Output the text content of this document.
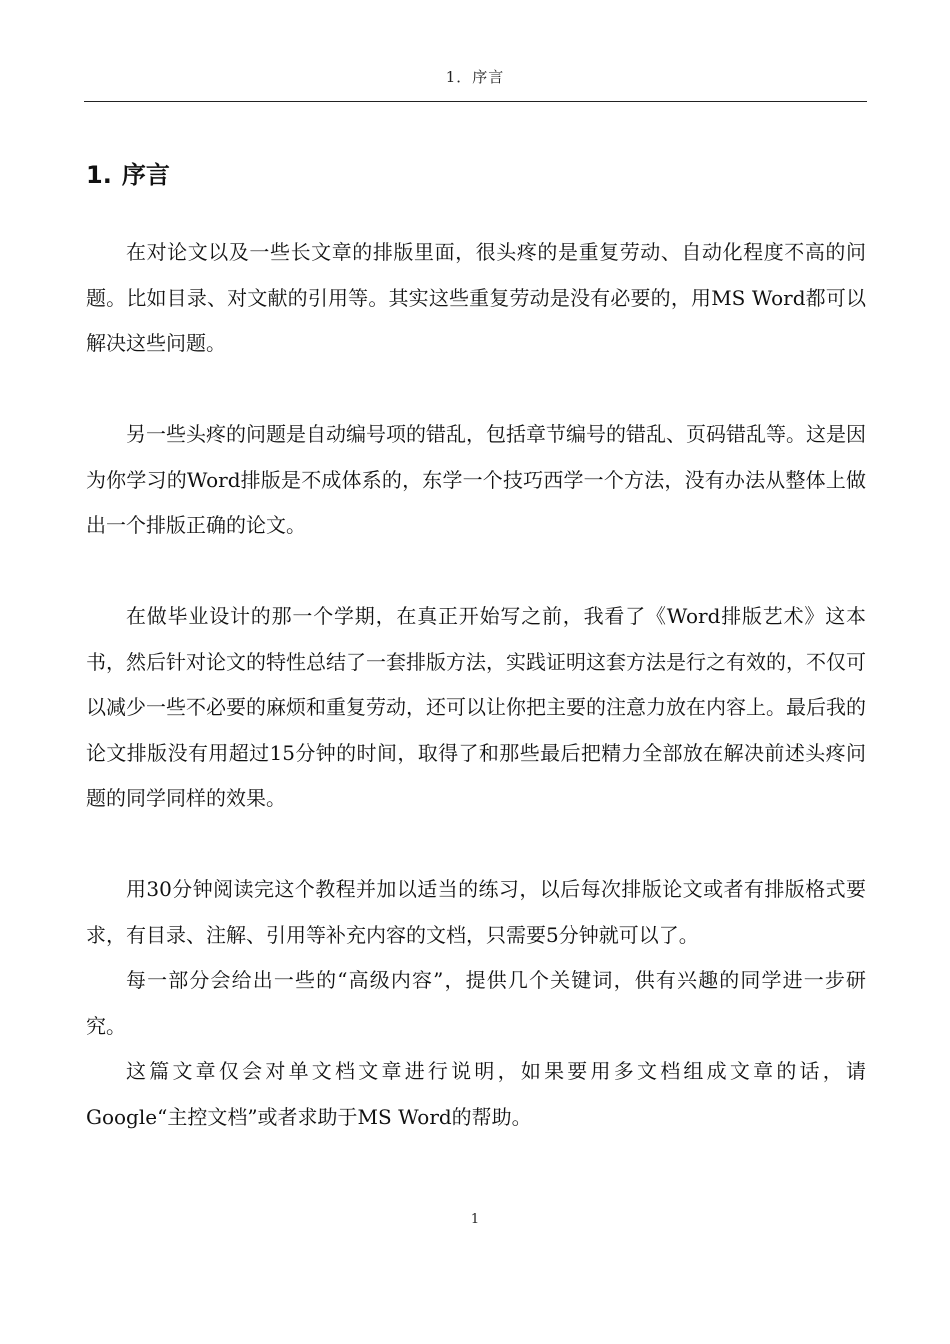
1．序言
1. 序言

在对论文以及一些长文章的排版里面，很头疼的是重复劳动、自动化程度不高的问题。比如目录、对文献的引用等。其实这些重复劳动是没有必要的，用MS Word都可以解决这些问题。

另一些头疼的问题是自动编号项的错乱，包括章节编号的错乱、页码错乱等。这是因为你学习的Word排版是不成体系的，东学一个技巧西学一个方法，没有办法从整体上做出一个排版正确的论文。

在做毕业设计的那一个学期，在真正开始写之前，我看了《Word排版艺术》这本书，然后针对论文的特性总结了一套排版方法，实践证明这套方法是行之有效的，不仅可以减少一些不必要的麻烦和重复劳动，还可以让你把主要的注意力放在内容上。最后我的论文排版没有用超过15分钟的时间，取得了和那些最后把精力全部放在解决前述头疼问题的同学同样的效果。

用30分钟阅读完这个教程并加以适当的练习，以后每次排版论文或者有排版格式要求，有目录、注解、引用等补充内容的文档，只需要5分钟就可以了。

每一部分会给出一些的“高级内容”，提供几个关键词，供有兴趣的同学进一步研究。

这篇文章仅会对单文档文章进行说明，如果要用多文档组成文章的话，请Google“主控文档”或者求助于MS Word的帮助。

1
